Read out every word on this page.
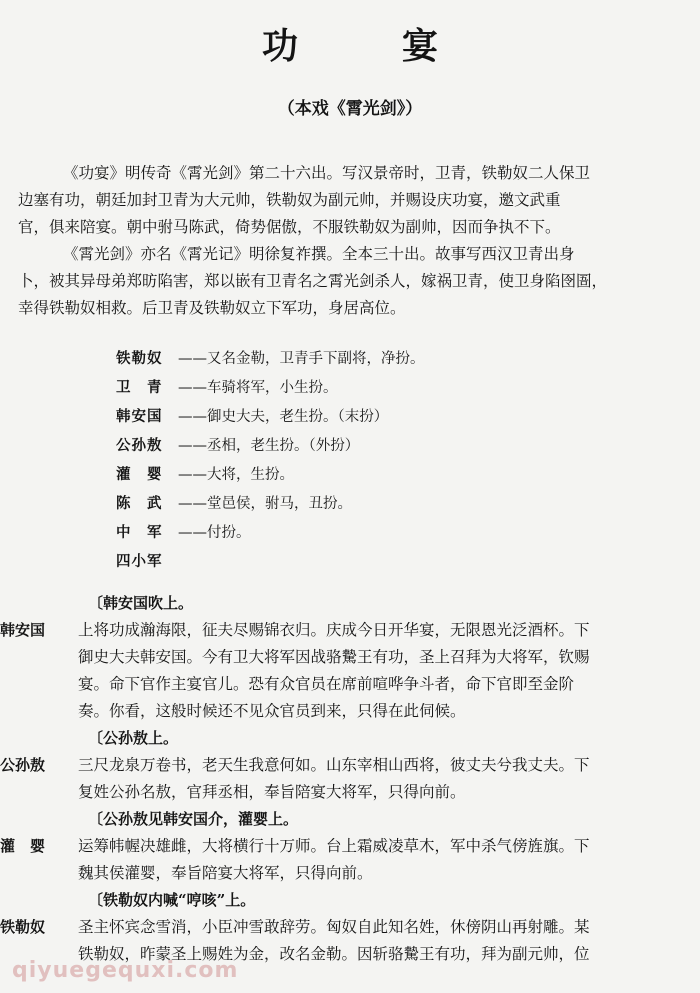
功　宴
（本戏《霄光剑》）
《功宴》明传奇《霄光剑》第二十六出。写汉景帝时，卫青，铁勒奴二人保卫
边塞有功，朝廷加封卫青为大元帅，铁勒奴为副元帅，并赐设庆功宴，邀文武重
官，俱来陪宴。朝中驸马陈武，倚势倨傲，不服铁勒奴为副帅，因而争执不下。
《霄光剑》亦名《霄光记》明徐复祚撰。全本三十出。故事写西汉卫青出身
卜，被其异母弟郑昉陷害，郑以嵌有卫青名之霄光剑杀人，嫁祸卫青，使卫身陷囹圄，
幸得铁勒奴相救。后卫青及铁勒奴立下军功，身居高位。
铁勒奴 ——又名金勒，卫青手下副将，净扮。
卫　青 ——车骑将军，小生扮。
韩安国 ——御史大夫，老生扮。（末扮）
公孙敖 ——丞相，老生扮。（外扮）
灌　婴 ——大将，生扮。
陈　武 ——堂邑侯，驸马，丑扮。
中　军 ——付扮。
四小军
〔韩安国吹上。
韩安国	上将功成瀚海限，征夫尽赐锦衣归。庆成今日开华宴，无限恩光泛酒杯。下
御史大夫韩安国。今有卫大将军因战骆驇王有功，圣上召拜为大将军，钦赐
宴。命下官作主宴官儿。恐有众官员在席前喧哗争斗者，命下官即至金阶
奏。你看，这般时候还不见众官员到来，只得在此伺候。
〔公孙敖上。
公孙敖	三尺龙泉万卷书，老天生我意何如。山东宰相山西将，彼丈夫兮我丈夫。下
复姓公孙名敖，官拜丞相，奉旨陪宴大将军，只得向前。
〔公孙敖见韩安国介，灌婴上。
灌　婴	运筹帏幄决雄雌，大将横行十万师。台上霜威凌草木，军中杀气傍旌旗。下
魏其侯灌婴，奉旨陪宴大将军，只得向前。
〔铁勒奴内喊“哼咳”上。
铁勒奴	圣主怀宾念雪消，小臣冲雪敢辞劳。匈奴自此知名姓，休傍阴山再射雕。某
铁勒奴，昨蒙圣上赐姓为金，改名金勒。因斩骆驇王有功，拜为副元帅，位
qiyuegequxi.com
